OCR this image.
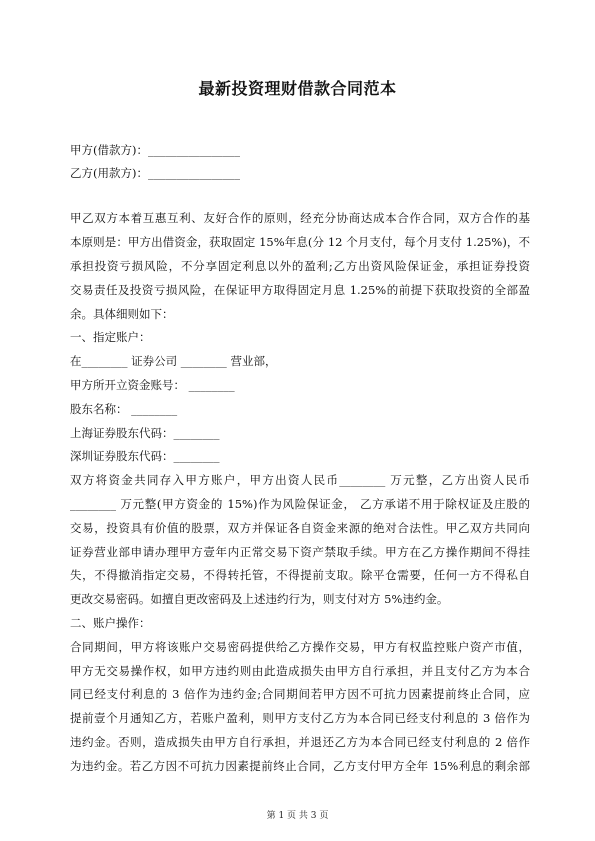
最新投资理财借款合同范本
甲方(借款方)：________________
乙方(用款方)：________________
甲乙双方本着互惠互利、友好合作的原则，经充分协商达成本合作合同，双方合作的基
本原则是：甲方出借资金，获取固定 15%年息(分 12 个月支付，每个月支付 1.25%)，不
承担投资亏损风险，不分享固定利息以外的盈利;乙方出资风险保证金，承担证券投资
交易责任及投资亏损风险，在保证甲方取得固定月息 1.25%的前提下获取投资的全部盈
余。具体细则如下：
一、指定账户：
在________ 证券公司 ________ 营业部，
甲方所开立资金账号： ________
股东名称： ________
上海证券股东代码：________
深圳证券股东代码：________
双方将资金共同存入甲方账户，甲方出资人民币________ 万元整，乙方出资人民币
________ 万元整(甲方资金的 15%)作为风险保证金， 乙方承诺不用于除权证及庄股的
交易，投资具有价值的股票，双方并保证各自资金来源的绝对合法性。甲乙双方共同向
证券营业部申请办理甲方壹年内正常交易下资产禁取手续。甲方在乙方操作期间不得挂
失，不得撤消指定交易，不得转托管，不得提前支取。除平仓需要，任何一方不得私自
更改交易密码。如擅自更改密码及上述违约行为，则支付对方 5%违约金。
二、账户操作：
合同期间，甲方将该账户交易密码提供给乙方操作交易，甲方有权监控账户资产市值，
甲方无交易操作权，如甲方违约则由此造成损失由甲方自行承担，并且支付乙方为本合
同已经支付利息的 3 倍作为违约金;合同期间若甲方因不可抗力因素提前终止合同，应
提前壹个月通知乙方，若账户盈利，则甲方支付乙方为本合同已经支付利息的 3 倍作为
违约金。否则，造成损失由甲方自行承担，并退还乙方为本合同已经支付利息的 2 倍作
为违约金。若乙方因不可抗力因素提前终止合同，乙方支付甲方全年 15%利息的剩余部
第 1 页 共 3 页
